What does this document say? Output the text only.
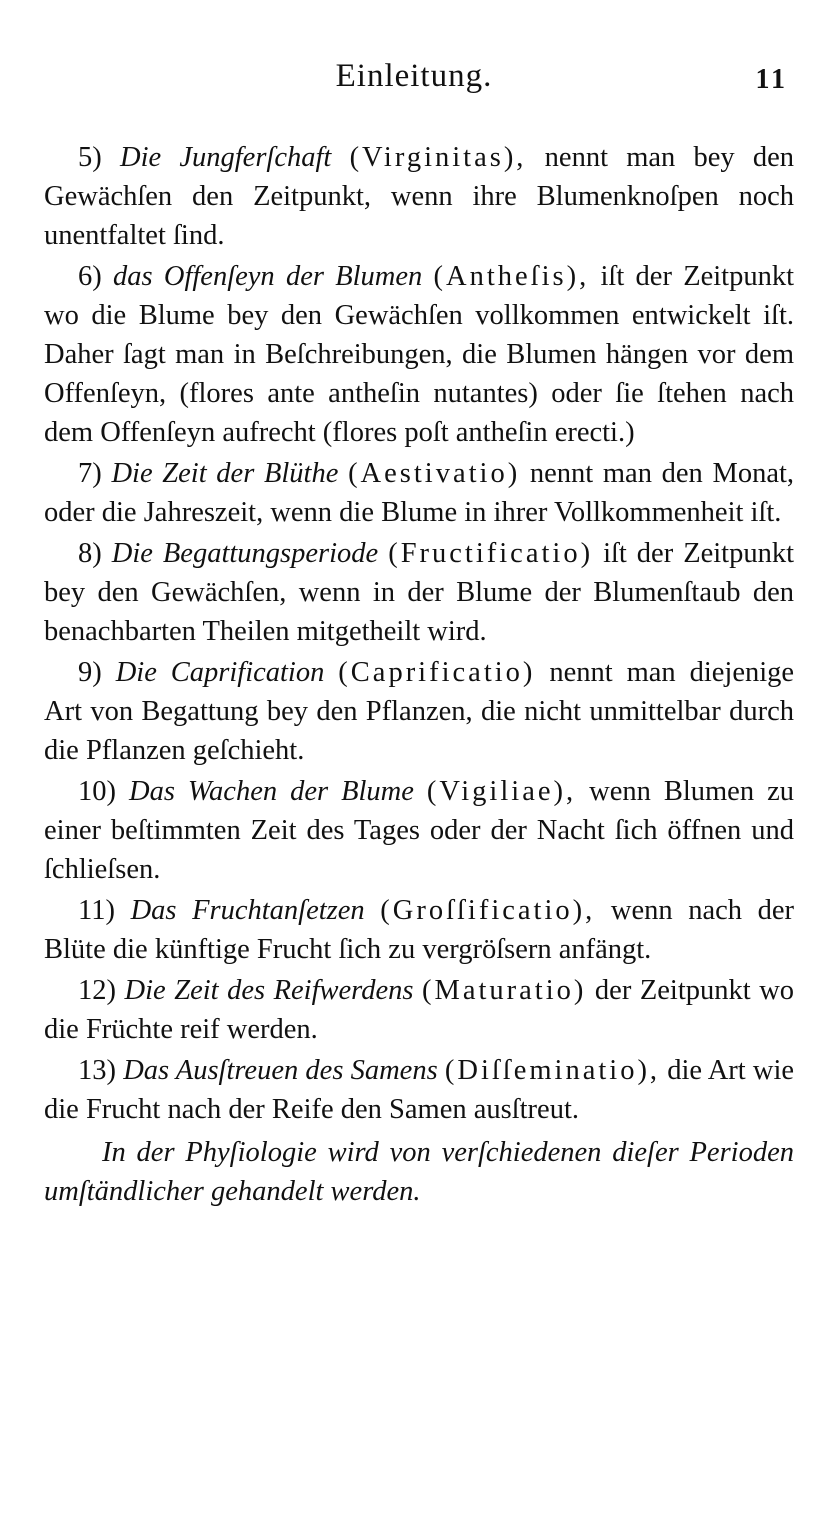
Einleitung.	11

5) Die Jungferſchaft (Virginitas), nennt man bey den Gewächſen den Zeitpunkt, wenn ihre Blumenknoſpen noch unentfaltet ſind.

6) das Offenſeyn der Blumen (Antheſis), iſt der Zeitpunkt wo die Blume bey den Gewächſen vollkommen entwickelt iſt. Daher ſagt man in Beſchreibungen, die Blumen hängen vor dem Offenſeyn, (flores ante antheſin nutantes) oder ſie ſtehen nach dem Offenſeyn aufrecht (flores poſt antheſin erecti.)

7) Die Zeit der Blüthe (Aestivatio) nennt man den Monat, oder die Jahreszeit, wenn die Blume in ihrer Vollkommenheit iſt.

8) Die Begattungsperiode (Fructificatio) iſt der Zeitpunkt bey den Gewächſen, wenn in der Blume der Blumenſtaub den benachbarten Theilen mitgetheilt wird.

9) Die Caprification (Caprificatio) nennt man diejenige Art von Begattung bey den Pflanzen, die nicht unmittelbar durch die Pflanzen geſchieht.

10) Das Wachen der Blume (Vigiliae), wenn Blumen zu einer beſtimmten Zeit des Tages oder der Nacht ſich öffnen und ſchlieſsen.

11) Das Fruchtanſetzen (Groſſificatio), wenn nach der Blüte die künftige Frucht ſich zu vergröſsern anfängt.

12) Die Zeit des Reifwerdens (Maturatio) der Zeitpunkt wo die Früchte reif werden.

13) Das Ausſtreuen des Samens (Diſſeminatio), die Art wie die Frucht nach der Reife den Samen ausſtreut.

In der Phyſiologie wird von verſchiedenen dieſer Perioden umſtändlicher gehandelt werden.
